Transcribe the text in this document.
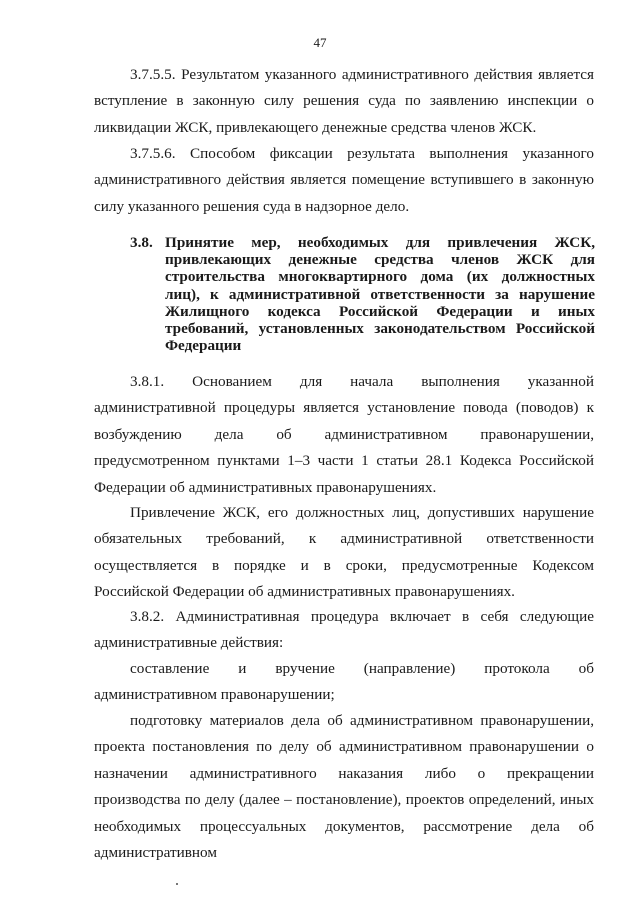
47
3.7.5.5. Результатом указанного административного действия является вступление в законную силу решения суда по заявлению инспекции о ликвидации ЖСК, привлекающего денежные средства членов ЖСК.
3.7.5.6. Способом фиксации результата выполнения указанного административного действия является помещение вступившего в законную силу указанного решения суда в надзорное дело.
3.8. Принятие мер, необходимых для привлечения ЖСК, привлекающих денежные средства членов ЖСК для строительства многоквартирного дома (их должностных лиц), к административной ответственности за нарушение Жилищного кодекса Российской Федерации и иных требований, установленных законодательством Российской Федерации
3.8.1. Основанием для начала выполнения указанной административной процедуры является установление повода (поводов) к возбуждению дела об административном правонарушении, предусмотренном пунктами 1–3 части 1 статьи 28.1 Кодекса Российской Федерации об административных правонарушениях.
Привлечение ЖСК, его должностных лиц, допустивших нарушение обязательных требований, к административной ответственности осуществляется в порядке и в сроки, предусмотренные Кодексом Российской Федерации об административных правонарушениях.
3.8.2. Административная процедура включает в себя следующие административные действия:
составление и вручение (направление) протокола об административном правонарушении;
подготовку материалов дела об административном правонарушении, проекта постановления по делу об административном правонарушении о назначении административного наказания либо о прекращении производства по делу (далее – постановление), проектов определений, иных необходимых процессуальных документов, рассмотрение дела об административном
